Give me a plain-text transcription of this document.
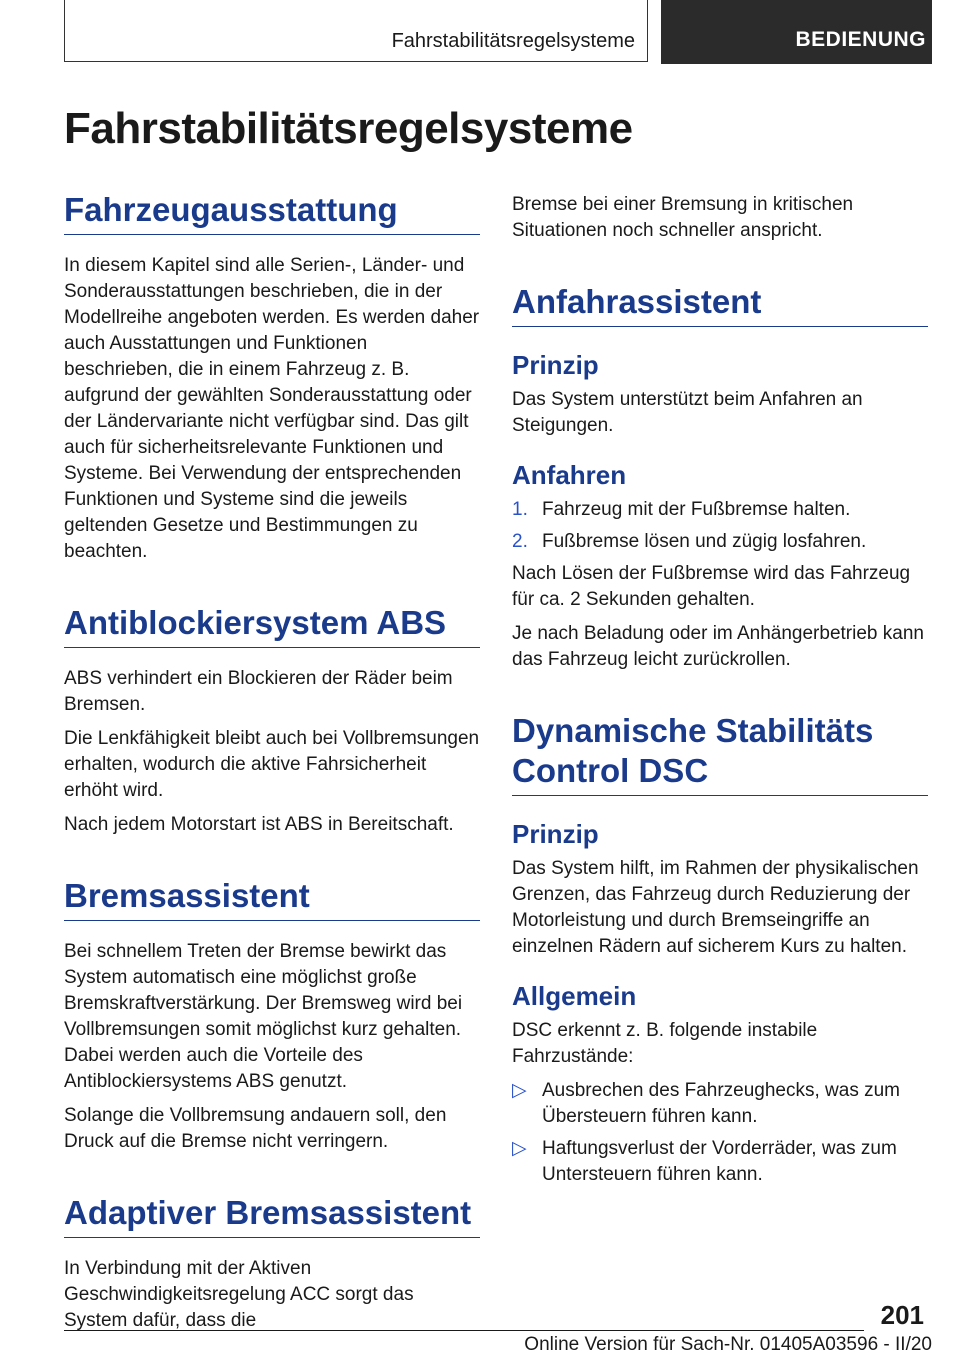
Fahrstabilitätsregelsysteme	BEDIENUNG
Fahrstabilitätsregelsysteme
Fahrzeugausstattung

In diesem Kapitel sind alle Serien-, Länder- und Sonderausstattungen beschrieben, die in der Modellreihe angeboten werden. Es werden daher auch Ausstattungen und Funktionen beschrieben, die in einem Fahrzeug z. B. aufgrund der gewählten Sonderausstattung oder der Ländervariante nicht verfügbar sind. Das gilt auch für sicherheitsrelevante Funktionen und Systeme. Bei Verwendung der entsprechenden Funktionen und Systeme sind die jeweils geltenden Gesetze und Bestimmungen zu beachten.

Antiblockiersystem ABS

ABS verhindert ein Blockieren der Räder beim Bremsen.

Die Lenkfähigkeit bleibt auch bei Vollbremsungen erhalten, wodurch die aktive Fahrsicherheit erhöht wird.

Nach jedem Motorstart ist ABS in Bereitschaft.

Bremsassistent

Bei schnellem Treten der Bremse bewirkt das System automatisch eine möglichst große Bremskraftverstärkung. Der Bremsweg wird bei Vollbremsungen somit möglichst kurz gehalten. Dabei werden auch die Vorteile des Antiblockiersystems ABS genutzt.

Solange die Vollbremsung andauern soll, den Druck auf die Bremse nicht verringern.

Adaptiver Bremsassistent

In Verbindung mit der Aktiven Geschwindigkeitsregelung ACC sorgt das System dafür, dass die

Bremse bei einer Bremsung in kritischen Situationen noch schneller anspricht.

Anfahrassistent
Prinzip

Das System unterstützt beim Anfahren an Steigungen.

Anfahren
1. Fahrzeug mit der Fußbremse halten.
2. Fußbremse lösen und zügig losfahren.

Nach Lösen der Fußbremse wird das Fahrzeug für ca. 2 Sekunden gehalten.

Je nach Beladung oder im Anhängerbetrieb kann das Fahrzeug leicht zurückrollen.

Dynamische Stabilitäts
Control DSC
Prinzip

Das System hilft, im Rahmen der physikalischen Grenzen, das Fahrzeug durch Reduzierung der Motorleistung und durch Bremseingriffe an einzelnen Rädern auf sicherem Kurs zu halten.

Allgemein

DSC erkennt z. B. folgende instabile Fahrzustände:

▷ Ausbrechen des Fahrzeughecks, was zum Übersteuern führen kann.
▷ Haftungsverlust der Vorderräder, was zum Untersteuern führen kann.
201
Online Version für Sach-Nr. 01405A03596 - II/20
